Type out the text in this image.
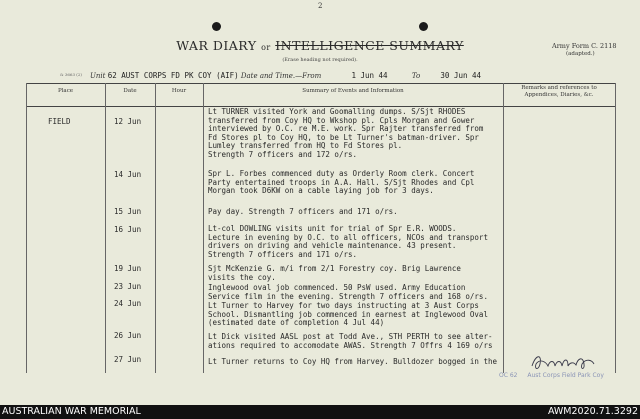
2
WAR DIARY or INTELLIGENCE SUMMARY
(Erase heading not required).
Army Form C. 2118
(adapted.)
& 3663 (2) Unit 62 AUST CORPS FD PK COY (AIF) Date and Time.—From	1 Jun 44	To	30 Jun 44
Place	Date	Hour	Summary of Events and Information	Remarks and references to Appendices, Diaries, &c.
FIELD	12 Jun
Lt TURNER visited York and Goomalling dumps. S/Sjt RHODES
transferred from Coy HQ to Wkshop pl. Cpls Morgan and Gower
interviewed by O.C. re M.E. work. Spr Rajter transferred from
Fd Stores pl to Coy HQ, to be Lt Turner's batman-driver. Spr
Lumley transferred from HQ to Fd Stores pl.
Strength 7 officers and 172 o/rs.
14 Jun	Spr L. Forbes commenced duty as Orderly Room clerk. Concert
Party entertained troops in A.A. Hall. S/Sjt Rhodes and Cpl
Morgan took D6KW on a cable laying job for 3 days.
15 Jun	Pay day. Strength 7 officers and 171 o/rs.
16 Jun	Lt-col DOWLING visits unit for trial of Spr E.R. WOODS.
Lecture in evening by O.C. to all officers, NCOs and transport
drivers on driving and vehicle maintenance. 43 present.
Strength 7 officers and 171 o/rs.
19 Jun	Sjt McKenzie G. m/i from 2/1 Forestry coy. Brig Lawrence
visits the coy.
23 Jun	Inglewood oval job commenced. 50 PsW used. Army Education
Service film in the evening. Strength 7 officers and 168 o/rs.
24 Jun	Lt Turner to Harvey for two days instructing at 3 Aust Corps
School. Dismantling job commenced in earnest at Inglewood Oval
(estimated date of completion 4 Jul 44)
26 Jun	Lt Dick visited AASL post at Todd Ave., STH PERTH to see alter-
ations required to accomodate AWAS. Strength 7 Offrs 4 169 o/rs
27 Jun	Lt Turner returns to Coy HQ from Harvey. Bulldozer bogged in the
OC 62 Aust Corps Field Park Coy
AUSTRALIAN WAR MEMORIAL	AWM2020.71.3292
